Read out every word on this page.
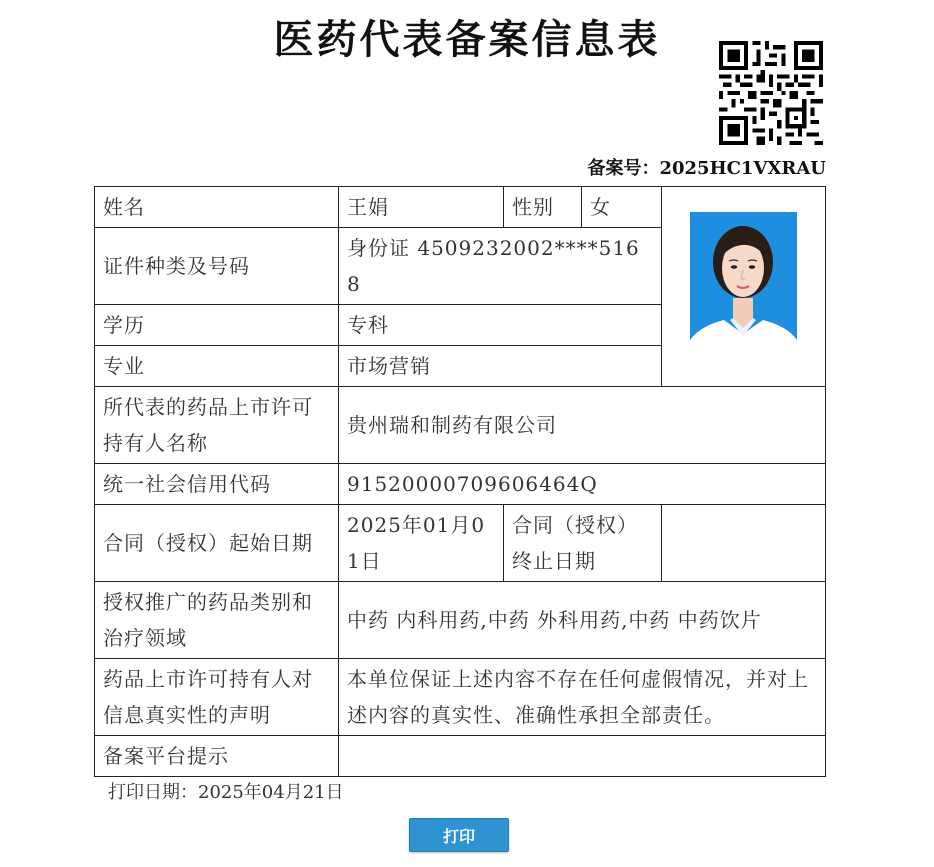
医药代表备案信息表
备案号：2025HC1VXRAU
姓名	王娟	性别	女	

证件种类及号码	身份证 4509232002****5168			
学历	专科			
专业	市场营销			
所代表的药品上市许可持有人名称	贵州瑞和制药有限公司			
统一社会信用代码	91520000709606464Q			
合同（授权）起始日期	2025年01月01日	合同（授权）终止日期		
授权推广的药品类别和治疗领域	中药 内科用药,中药 外科用药,中药 中药饮片			
药品上市许可持有人对信息真实性的声明	本单位保证上述内容不存在任何虚假情况，并对上述内容的真实性、准确性承担全部责任。			
备案平台提示				
打印日期：2025年04月21日
打印
